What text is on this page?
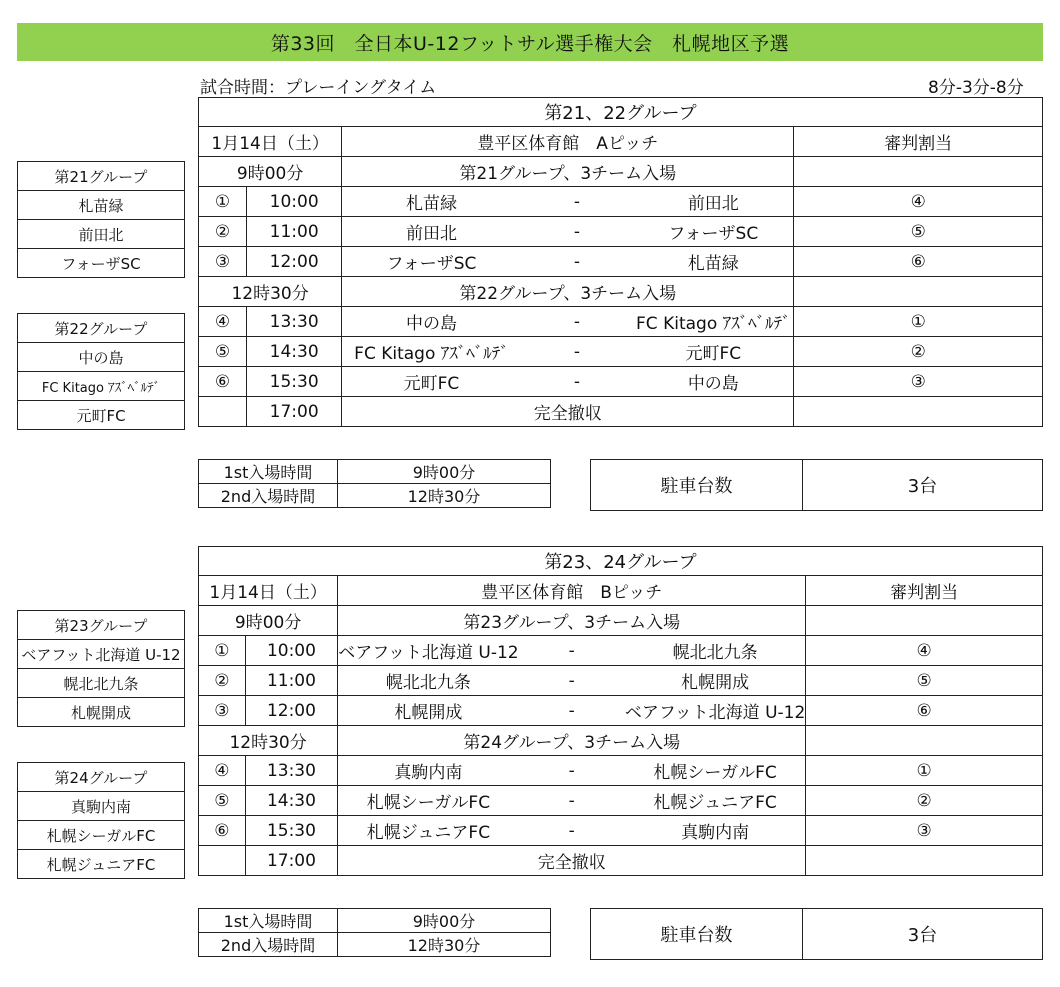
第33回　全日本U-12フットサル選手権大会　札幌地区予選
試合時間：プレーイングタイム	8分-3分-8分
第21、22グループ					
1月14日（土）		豊平区体育館　Aピッチ			審判割当
9時00分		第21グループ、3チーム入場			
①	10:00	札苗緑	-	前田北	④
②	11:00	前田北	-	フォーザSC	⑤
③	12:00	フォーザSC	-	札苗緑	⑥
12時30分		第22グループ、3チーム入場			
④	13:30	中の島	-	FC Kitago ｱｽﾞﾍﾞﾙﾃﾞ	①
⑤	14:30	FC Kitago ｱｽﾞﾍﾞﾙﾃﾞ	-	元町FC	②
⑥	15:30	元町FC	-	中の島	③
	17:00	完全撤収			
1st入場時間	9時00分
2nd入場時間	12時30分	駐車台数	3台
第21グループ
札苗緑
前田北
フォーザSC
第22グループ
中の島
FC Kitago ｱｽﾞﾍﾞﾙﾃﾞ
元町FC
第23、24グループ					
1月14日（土）		豊平区体育館　Bピッチ			審判割当
9時00分		第23グループ、3チーム入場			
①	10:00	ベアフット北海道 U-12	-	幌北北九条	④
②	11:00	幌北北九条	-	札幌開成	⑤
③	12:00	札幌開成	-	ベアフット北海道 U-12	⑥
12時30分		第24グループ、3チーム入場			
④	13:30	真駒内南	-	札幌シーガルFC	①
⑤	14:30	札幌シーガルFC	-	札幌ジュニアFC	②
⑥	15:30	札幌ジュニアFC	-	真駒内南	③
	17:00	完全撤収			
1st入場時間	9時00分
2nd入場時間	12時30分	駐車台数	3台
第23グループ
ベアフット北海道 U-12
幌北北九条
札幌開成
第24グループ
真駒内南
札幌シーガルFC
札幌ジュニアFC
